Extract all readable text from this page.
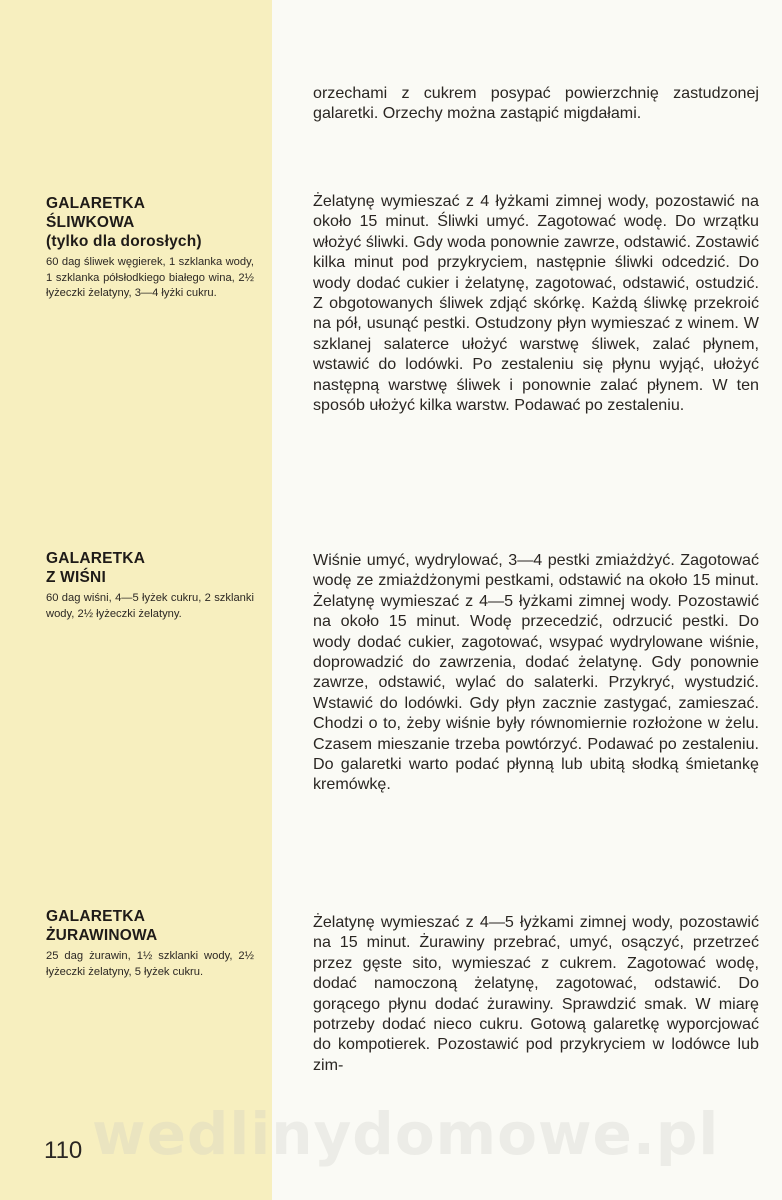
orzechami z cukrem posypać powierzchnię zastudzonej galaretki. Orzechy można zastąpić migdałami.

GALARETKA
ŚLIWKOWA
(tylko dla dorosłych)

60 dag śliwek węgierek, 1 szklanka wody, 1 szklanka półsłodkiego białego wina, 2½ łyżeczki żelatyny, 3—4 łyżki cukru.

Żelatynę wymieszać z 4 łyżkami zimnej wody, pozostawić na około 15 minut. Śliwki umyć. Zagotować wodę. Do wrzątku włożyć śliwki. Gdy woda ponownie zawrze, odstawić. Zostawić kilka minut pod przykryciem, następnie śliwki odcedzić. Do wody dodać cukier i żelatynę, zagotować, odstawić, ostudzić. Z obgotowanych śliwek zdjąć skórkę. Każdą śliwkę przekroić na pół, usunąć pestki. Ostudzony płyn wymieszać z winem. W szklanej salaterce ułożyć warstwę śliwek, zalać płynem, wstawić do lodówki. Po zestaleniu się płynu wyjąć, ułożyć następną warstwę śliwek i ponownie zalać płynem. W ten sposób ułożyć kilka warstw. Podawać po zestaleniu.

GALARETKA
Z WIŚNI

60 dag wiśni, 4—5 łyżek cukru, 2 szklanki wody, 2½ łyżeczki żelatyny.

Wiśnie umyć, wydrylować, 3—4 pestki zmiażdżyć. Zagotować wodę ze zmiażdżonymi pestkami, odstawić na około 15 minut. Żelatynę wymieszać z 4—5 łyżkami zimnej wody. Pozostawić na około 15 minut. Wodę przecedzić, odrzucić pestki. Do wody dodać cukier, zagotować, wsypać wydrylowane wiśnie, doprowadzić do zawrzenia, dodać żelatynę. Gdy ponownie zawrze, odstawić, wylać do salaterki. Przykryć, wystudzić. Wstawić do lodówki. Gdy płyn zacznie zastygać, zamieszać. Chodzi o to, żeby wiśnie były równomiernie rozłożone w żelu. Czasem mieszanie trzeba powtórzyć. Podawać po zestaleniu. Do galaretki warto podać płynną lub ubitą słodką śmietankę kremówkę.

GALARETKA
ŻURAWINOWA

25 dag żurawin, 1½ szklanki wody, 2½ łyżeczki żelatyny, 5 łyżek cukru.

Żelatynę wymieszać z 4—5 łyżkami zimnej wody, pozostawić na 15 minut. Żurawiny przebrać, umyć, osączyć, przetrzeć przez gęste sito, wymieszać z cukrem. Zagotować wodę, dodać namoczoną żelatynę, zagotować, odstawić. Do gorącego płynu dodać żurawiny. Sprawdzić smak. W miarę potrzeby dodać nieco cukru. Gotową galaretkę wyporcjować do kompotierek. Pozostawić pod przykryciem w lodówce lub zim-

wedlinydomowe.pl
110
